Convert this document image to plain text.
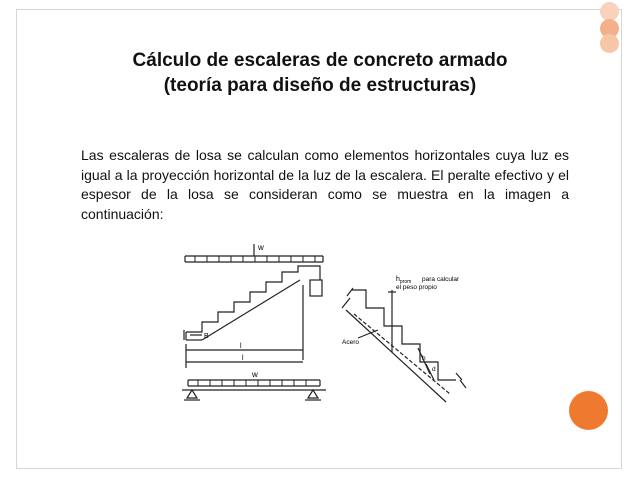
Cálculo de escaleras de concreto armado
(teoría para diseño de estructuras)
Las escaleras de losa se calculan como elementos horizontales cuya luz es igual a la proyección horizontal de la luz de la escalera. El peralte efectivo y el espesor de la losa se consideran como se muestra en la imagen a continuación:
w
B
l
l
w
$h_{prom}$ para calcular
el peso propio
Acero
h
d
